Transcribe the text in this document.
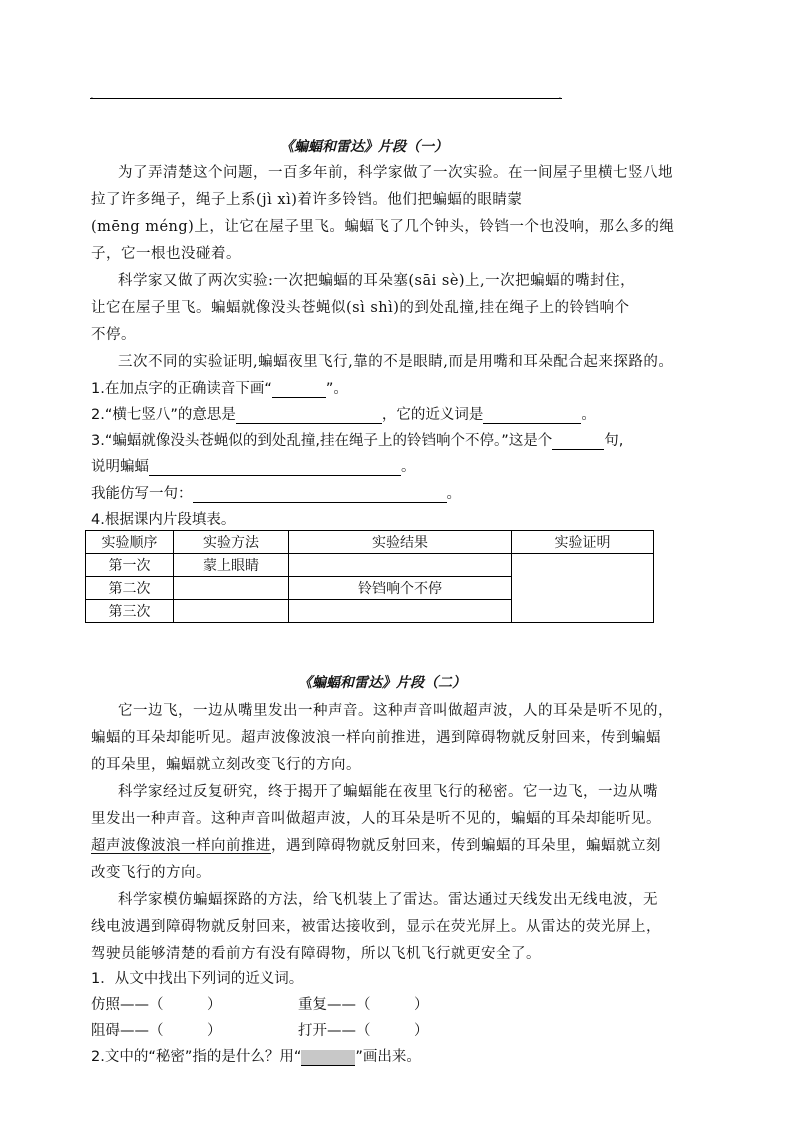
.	.
《蝙蝠和雷达》片段（一）
为了弄清楚这个问题，一百多年前，科学家做了一次实验。在一间屋子里横七竖八地
拉了许多绳子，绳子上系(jì xì)着许多铃铛。他们把蝙蝠的眼睛蒙
(mēng méng)上，让它在屋子里飞。蝙蝠飞了几个钟头，铃铛一个也没响，那么多的绳
子，它一根也没碰着。
科学家又做了两次实验:一次把蝙蝠的耳朵塞(sāi sè)上,一次把蝙蝠的嘴封住，
让它在屋子里飞。蝙蝠就像没头苍蝇似(sì shì)的到处乱撞,挂在绳子上的铃铛响个
不停。
三次不同的实验证明,蝙蝠夜里飞行,靠的不是眼睛,而是用嘴和耳朵配合起来探路的。
1.在加点字的正确读音下画“	”。
2.“横七竖八”的意思是	，它的近义词是	。
3.“蝙蝠就像没头苍蝇似的到处乱撞,挂在绳子上的铃铛响个不停。”这是个	句,
说明蝙蝠	。
我能仿写一句：	。
4.根据课内片段填表。
实验顺序	实验方法	实验结果	实验证明
第一次	蒙上眼睛		
第二次		铃铛响个不停	
第三次			
《蝙蝠和雷达》片段（二）
它一边飞，一边从嘴里发出一种声音。这种声音叫做超声波，人的耳朵是听不见的，
蝙蝠的耳朵却能听见。超声波像波浪一样向前推进，遇到障碍物就反射回来，传到蝙蝠
的耳朵里，蝙蝠就立刻改变飞行的方向。
科学家经过反复研究，终于揭开了蝙蝠能在夜里飞行的秘密。它一边飞，一边从嘴
里发出一种声音。这种声音叫做超声波，人的耳朵是听不见的，蝙蝠的耳朵却能听见。
超声波像波浪一样向前推进，遇到障碍物就反射回来，传到蝙蝠的耳朵里，蝙蝠就立刻
改变飞行的方向。
科学家模仿蝙蝠探路的方法，给飞机装上了雷达。雷达通过天线发出无线电波，无
线电波遇到障碍物就反射回来，被雷达接收到，显示在荧光屏上。从雷达的荧光屏上，
驾驶员能够清楚的看前方有没有障碍物，所以飞机飞行就更安全了。
1．从文中找出下列词的近义词。
仿照——（　　　）	重复——（　　　）
阻碍——（　　　）	打开——（　　　）
2.文中的“秘密”指的是什么？用“	”画出来。
